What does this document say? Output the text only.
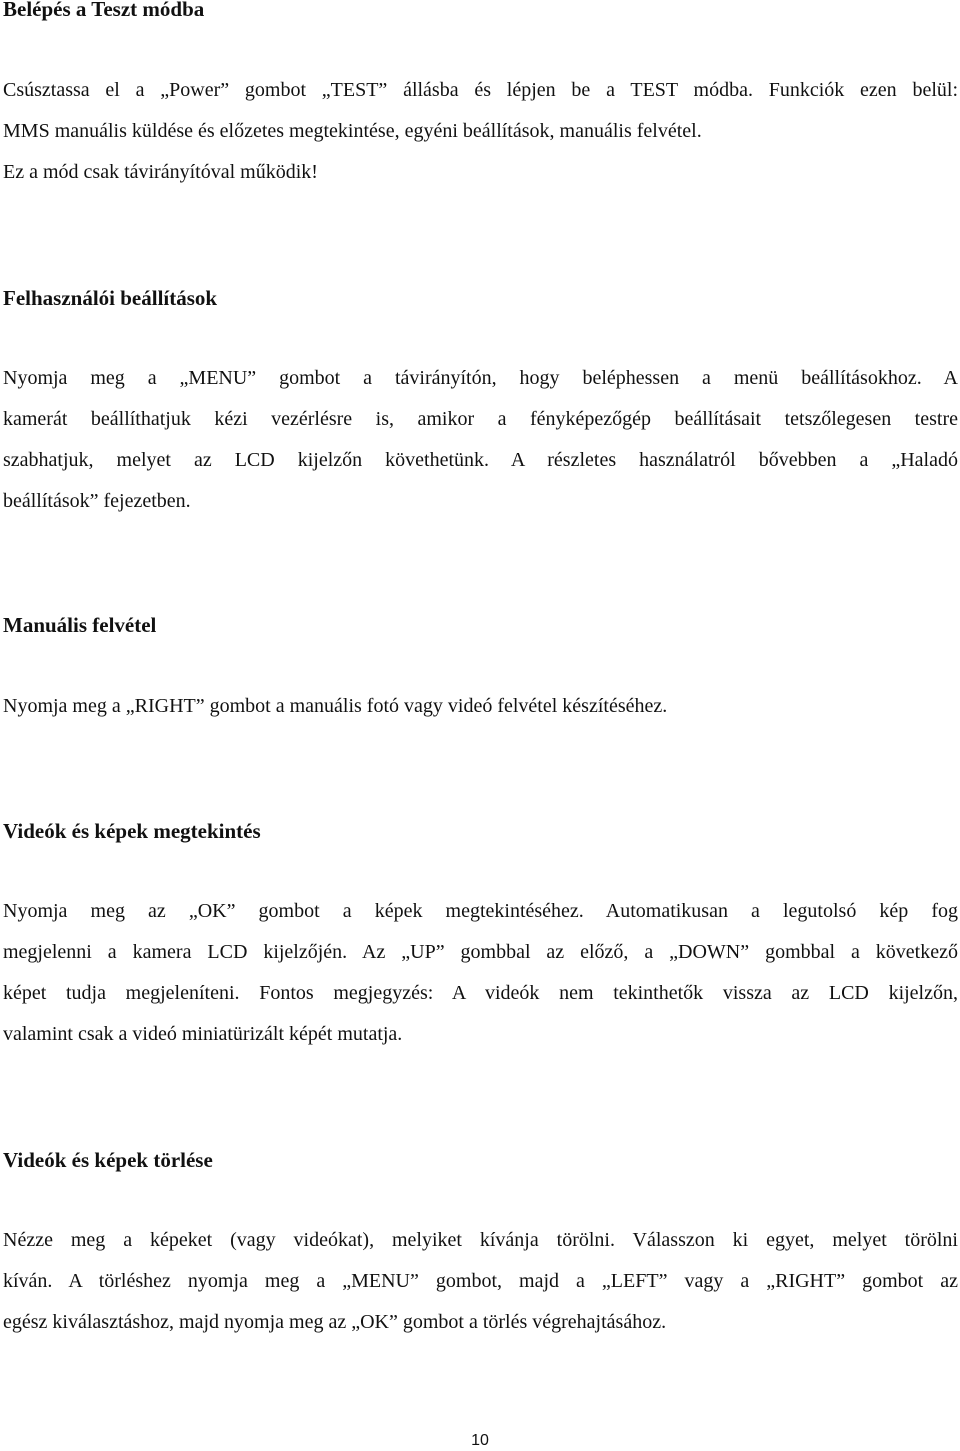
Belépés a Teszt módba

Csúsztassa el a „Power” gombot „TEST” állásba és lépjen be a TEST módba. Funkciók ezen belül:
MMS manuális küldése és előzetes megtekintése, egyéni beállítások, manuális felvétel.
Ez a mód csak távirányítóval működik!

Felhasználói beállítások

Nyomja meg a „MENU” gombot a távirányítón, hogy beléphessen a menü beállításokhoz. A
kamerát beállíthatjuk kézi vezérlésre is, amikor a fényképezőgép beállításait tetszőlegesen testre
szabhatjuk, melyet az LCD kijelzőn követhetünk. A részletes használatról bővebben a „Haladó
beállítások” fejezetben.

Manuális felvétel

Nyomja meg a „RIGHT” gombot a manuális fotó vagy videó felvétel készítéséhez.

Videók és képek megtekintés

Nyomja meg az „OK” gombot a képek megtekintéséhez. Automatikusan a legutolsó kép fog
megjelenni a kamera LCD kijelzőjén. Az „UP” gombbal az előző, a „DOWN” gombbal a következő
képet tudja megjeleníteni. Fontos megjegyzés: A videók nem tekinthetők vissza az LCD kijelzőn,
valamint csak a videó miniatürizált képét mutatja.

Videók és képek törlése

Nézze meg a képeket (vagy videókat), melyiket kívánja törölni. Válasszon ki egyet, melyet törölni
kíván. A törléshez nyomja meg a „MENU” gombot, majd a „LEFT” vagy a „RIGHT” gombot az
egész kiválasztáshoz, majd nyomja meg az „OK” gombot a törlés végrehajtásához.

10
